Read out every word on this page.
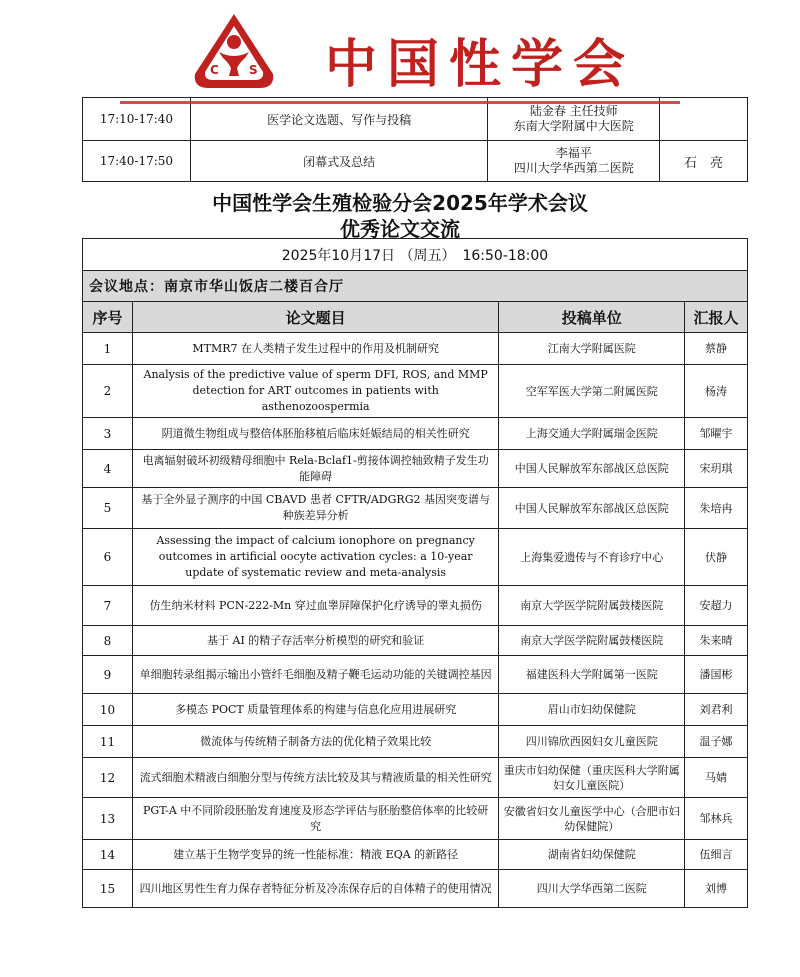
C	S 中国性学会
17:10-17:40	医学论文选题、写作与投稿	陆金春 主任技师
东南大学附属中大医院	

17:40-17:50	闭幕式及总结	李福平
四川大学华西第二医院	石　亮
中国性学会生殖检验分会2025年学术会议
优秀论文交流
2025年10月17日 （周五）　16:50-18:00			
会议地点：南京市华山饭店二楼百合厅			
序号	论文题目	投稿单位	汇报人
1	MTMR7 在人类精子发生过程中的作用及机制研究	江南大学附属医院	蔡静
2	Analysis of the predictive value of sperm DFI, ROS, and MMP detection for ART outcomes in patients with asthenozoospermia	空军军医大学第二附属医院	杨涛
3	阴道微生物组成与整倍体胚胎移植后临床妊娠结局的相关性研究	上海交通大学附属瑞金医院	邹曜宇
4	电离辐射破坏初级精母细胞中 Rela-Bclaf1-剪接体调控轴致精子发生功能障碍	中国人民解放军东部战区总医院	宋玥琪
5	基于全外显子测序的中国 CBAVD 患者 CFTR/ADGRG2 基因突变谱与种族差异分析	中国人民解放军东部战区总医院	朱培冉
6	Assessing the impact of calcium ionophore on pregnancy outcomes in artificial oocyte activation cycles: a 10-year update of systematic review and meta-analysis	上海集爱遗传与不育诊疗中心	伏静
7	仿生纳米材料 PCN-222-Mn 穿过血睾屏障保护化疗诱导的睾丸损伤	南京大学医学院附属鼓楼医院	安超力
8	基于 AI 的精子存活率分析模型的研究和验证	南京大学医学院附属鼓楼医院	朱来晴
9	单细胞转录组揭示输出小管纤毛细胞及精子鞭毛运动功能的关键调控基因	福建医科大学附属第一医院	潘国彬
10	多模态 POCT 质量管理体系的构建与信息化应用进展研究	眉山市妇幼保健院	刘君利
11	微流体与传统精子制备方法的优化精子效果比较	四川锦欣西囡妇女儿童医院	温子娜
12	流式细胞术精液白细胞分型与传统方法比较及其与精液质量的相关性研究	重庆市妇幼保健（重庆医科大学附属妇女儿童医院）	马婧
13	PGT-A 中不同阶段胚胎发育速度及形态学评估与胚胎整倍体率的比较研究	安徽省妇女儿童医学中心（合肥市妇幼保健院）	邹林兵
14	建立基于生物学变异的统一性能标准：精液 EQA 的新路径	湖南省妇幼保健院	伍细言
15	四川地区男性生育力保存者特征分析及冷冻保存后的自体精子的使用情况	四川大学华西第二医院	刘博
